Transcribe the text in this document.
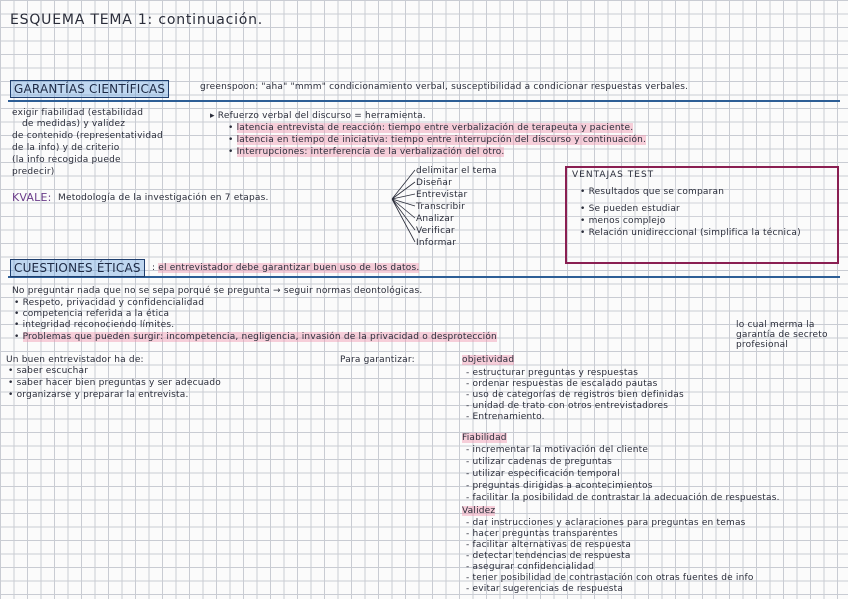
ESQUEMA TEMA 1: continuación.
GARANTÍAS CIENTÍFICAS	greenspoon: "aha" "mmm" condicionamiento verbal, susceptibilidad a condicionar respuestas verbales.
▸ Refuerzo verbal del discurso = herramienta.
• latencia entrevista de reacción: tiempo entre verbalización de terapeuta y paciente.
• latencia en tiempo de iniciativa: tiempo entre interrupción del discurso y continuación.
• Interrupciones: interferencia de la verbalización del otro.
exigir fiabilidad (estabilidad
de medidas) y validez
de contenido (representatividad
de la info) y de criterio
(la info recogida puede
predecir)
KVALE: Metodología de la investigación en 7 etapas.
delimitar el tema
Diseñar
Entrevistar
Transcribir
Analizar
Verificar
Informar
VENTAJAS TEST
• Resultados que se comparan
• Se pueden estudiar
• menos complejo
• Relación unidireccional (simplifica la técnica)
CUESTIONES ÉTICAS	: el entrevistador debe garantizar buen uso de los datos.
No preguntar nada que no se sepa porqué se pregunta → seguir normas deontológicas.
• Respeto, privacidad y confidencialidad
• competencia referida a la ética
• integridad reconociendo límites.
• Problemas que pueden surgir: incompetencia, negligencia, invasión de la privacidad o desprotección
lo cual merma la garantía de secreto profesional
Un buen entrevistador ha de:
• saber escuchar
• saber hacer bien preguntas y ser adecuado
• organizarse y preparar la entrevista.
Para garantizar:	objetividad
- estructurar preguntas y respuestas
- ordenar respuestas de escalado pautas
- uso de categorías de registros bien definidas
- unidad de trato con otros entrevistadores
- Entrenamiento.
Fiabilidad
- incrementar la motivación del cliente
- utilizar cadenas de preguntas
- utilizar especificación temporal
- preguntas dirigidas a acontecimientos
- facilitar la posibilidad de contrastar la adecuación de respuestas.
Validez
- dar instrucciones y aclaraciones para preguntas en temas
- hacer preguntas transparentes
- facilitar alternativas de respuesta
- detectar tendencias de respuesta
- asegurar confidencialidad
- tener posibilidad de contrastación con otras fuentes de info
- evitar sugerencias de respuesta
